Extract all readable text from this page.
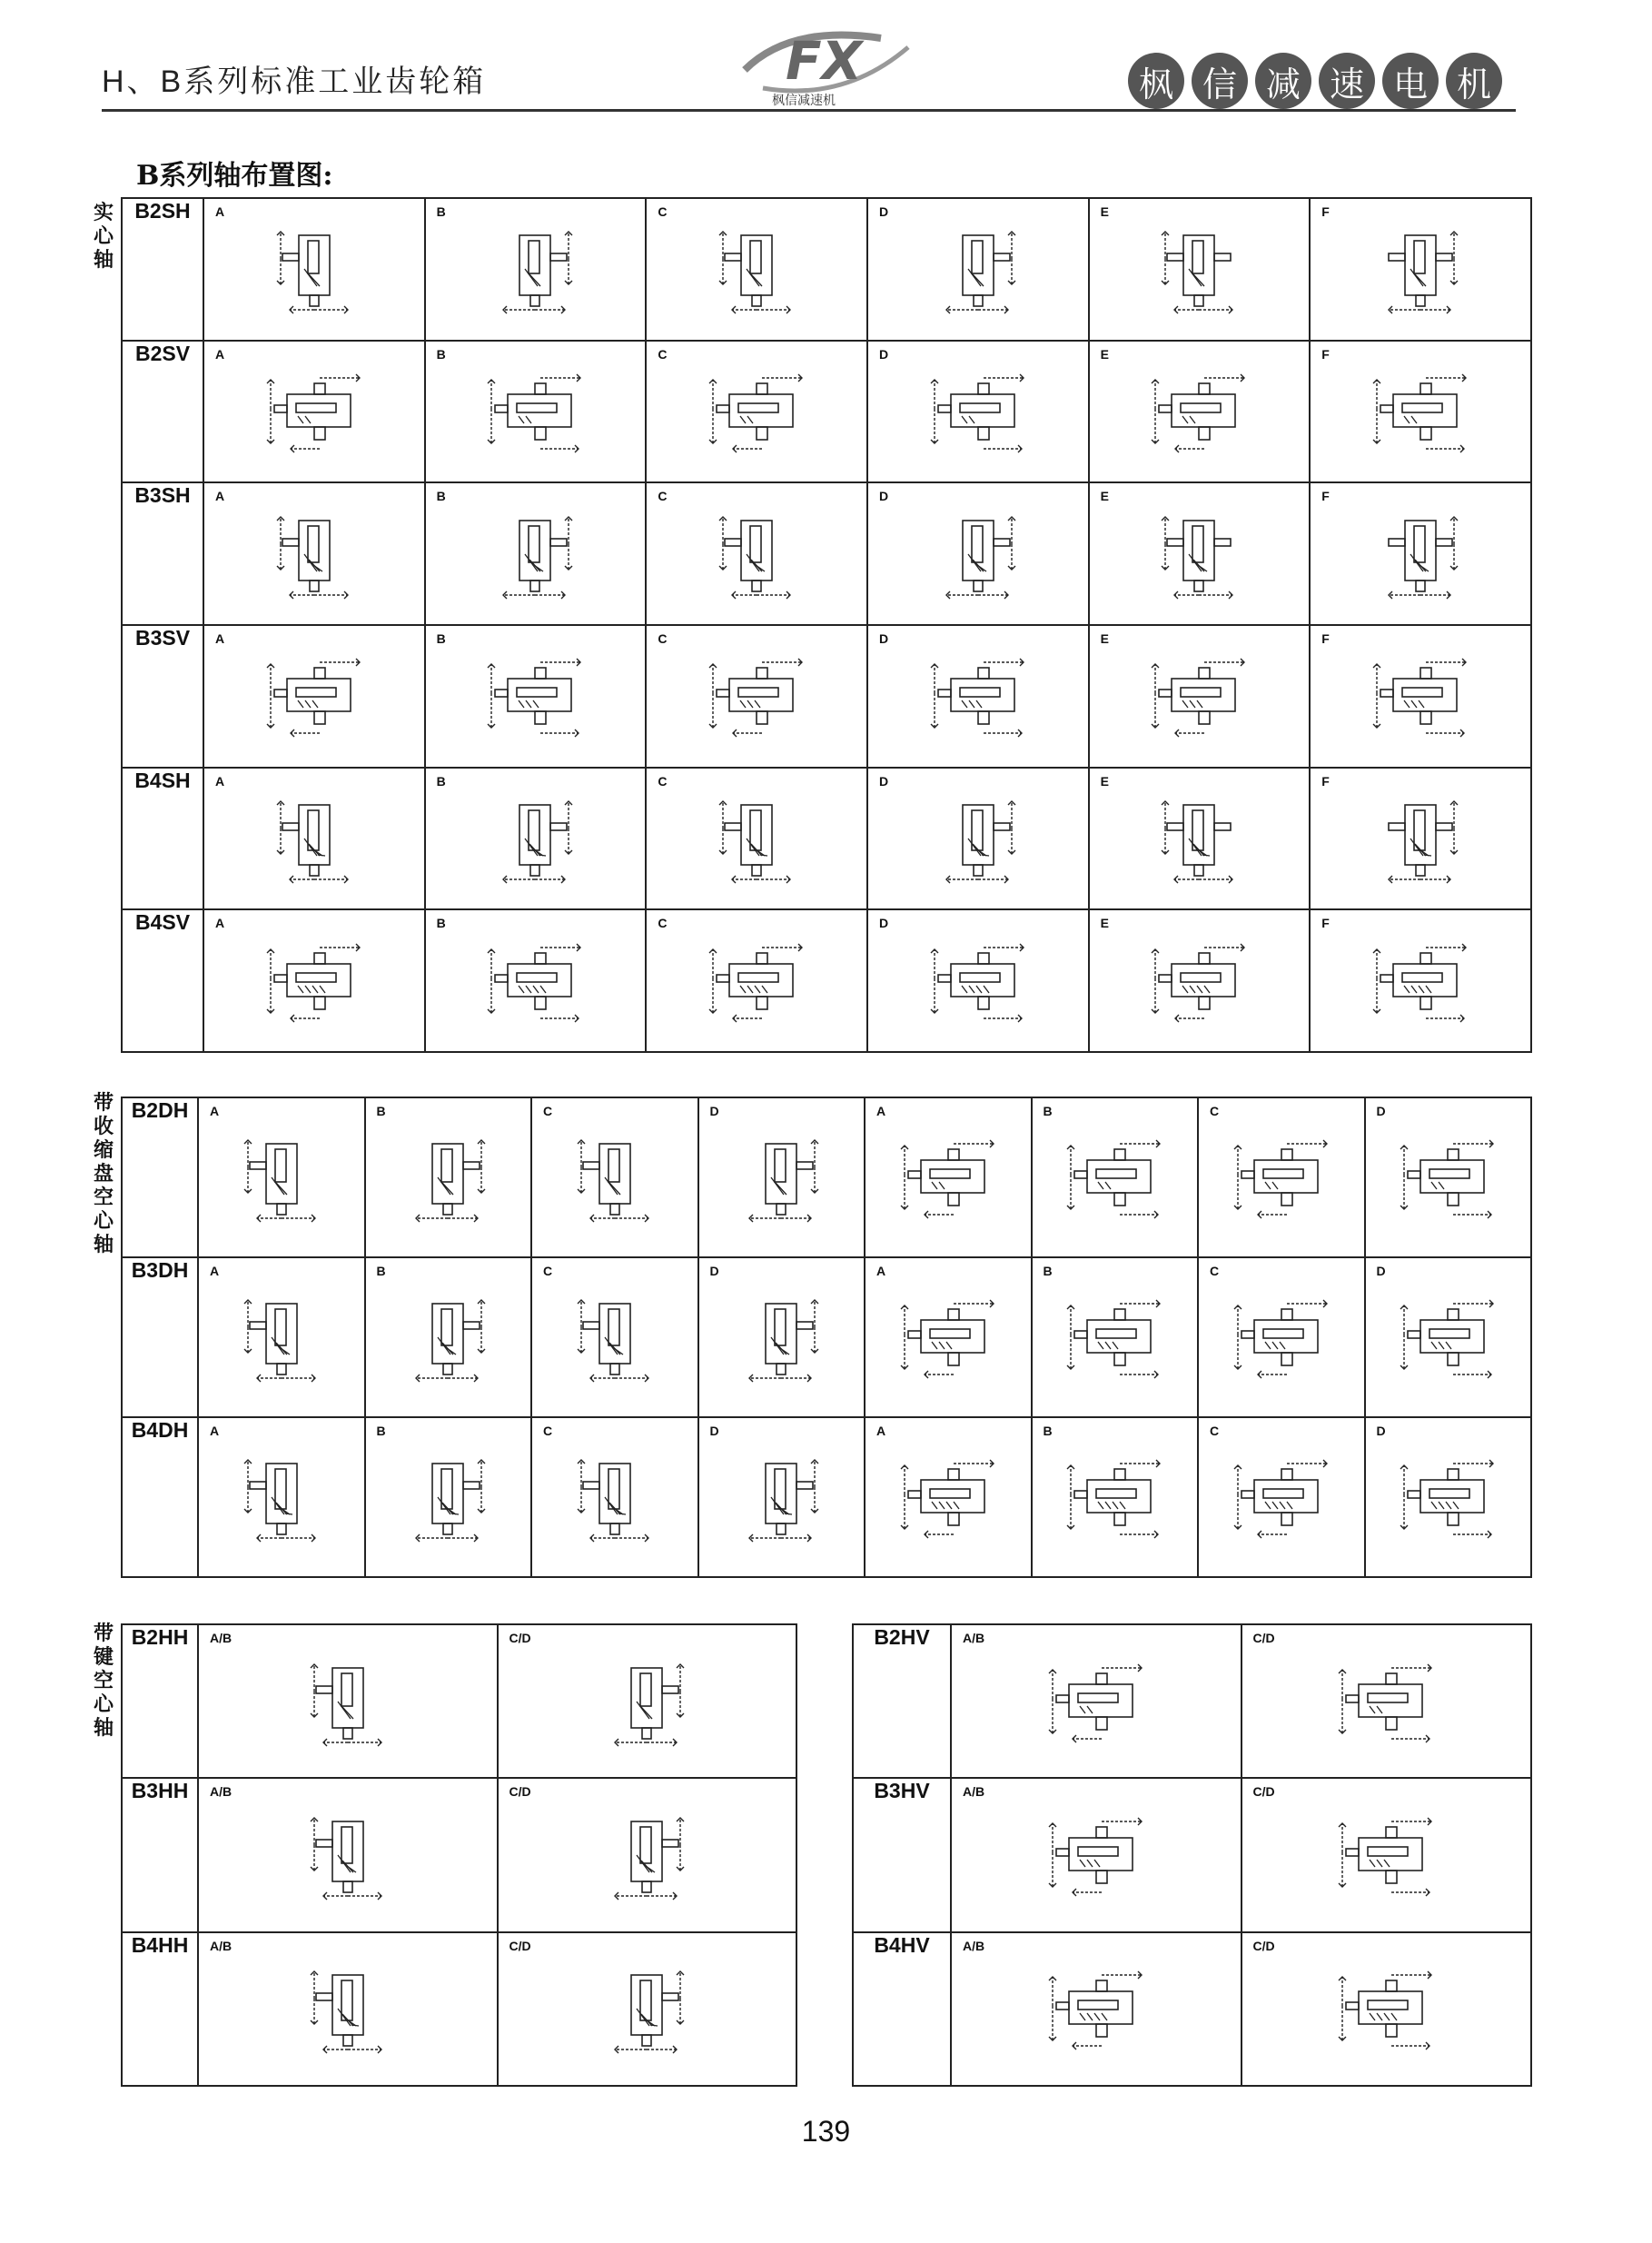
H、B系列标准工业齿轮箱	FX
枫信减速机	枫 信 减 速 电 机
B系列轴布置图:
实
心
轴
带
收
缩
盘
空
心
轴
带
键
空
心
轴
B2SH	A	B	C	D	E	F

B2SV	A	B	C	D	E	F

B3SH	A	B	C	D	E	F

B3SV	A	B	C	D	E	F

B4SH	A	B	C	D	E	F

B4SV	A	B	C	D	E	F
B2DH	A	B	C	D	A	B	C	D

B3DH	A	B	C	D	A	B	C	D

B4DH	A	B	C	D	A	B	C	D
B2HH	A/B	C/D

B3HH	A/B	C/D

B4HH	A/B	C/D
B2HV	A/B	C/D

B3HV	A/B	C/D

B4HV	A/B	C/D
139
